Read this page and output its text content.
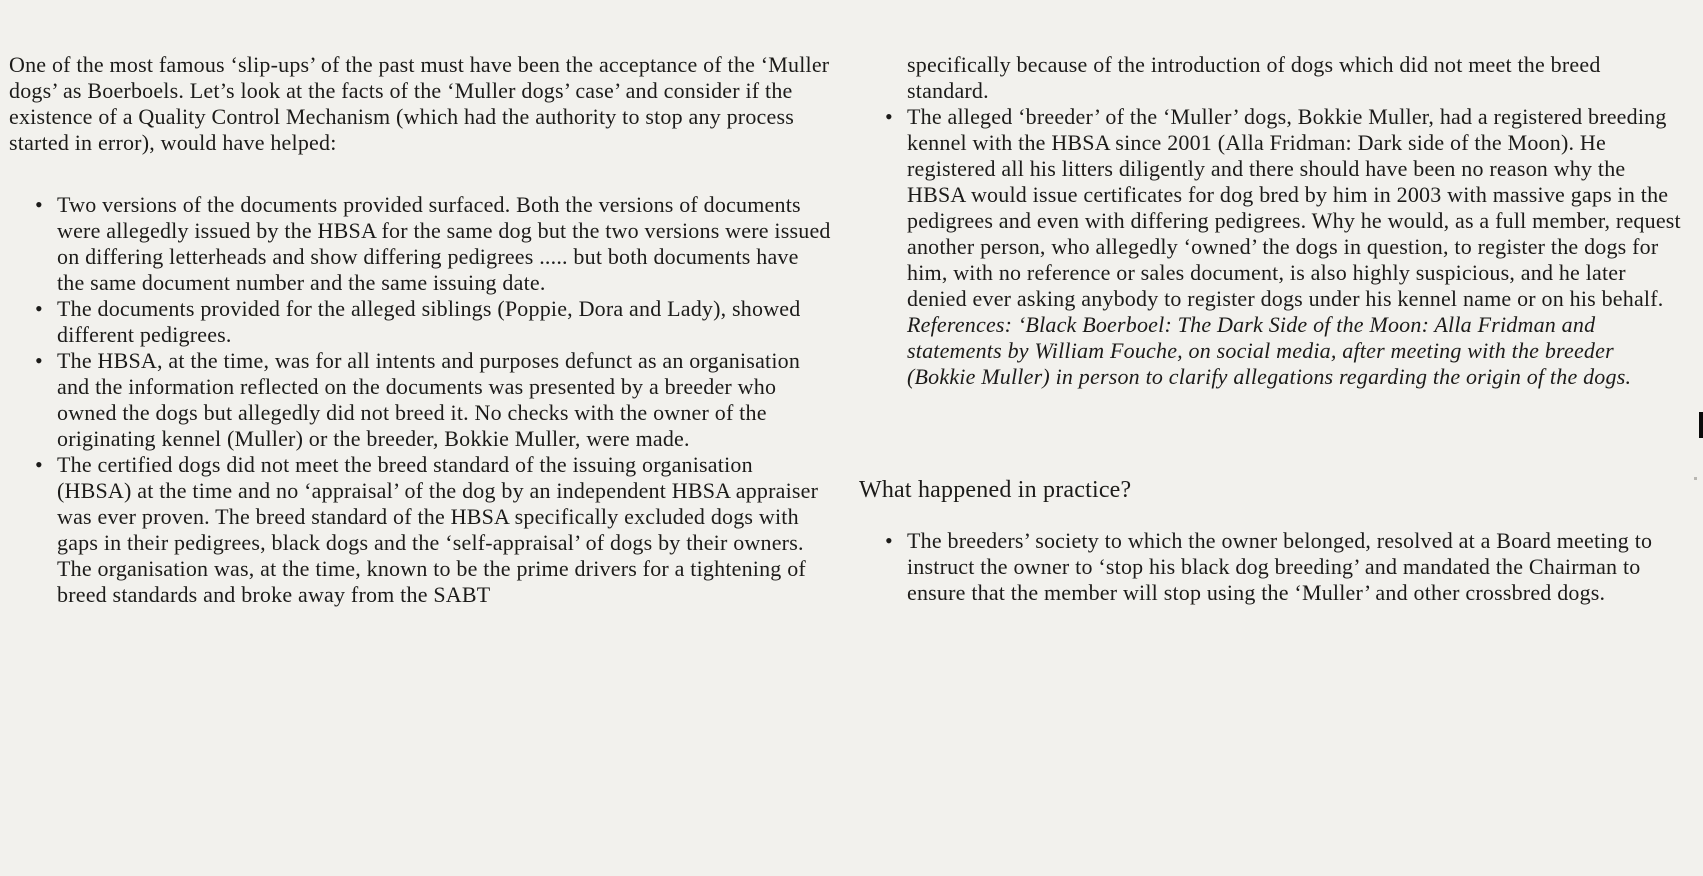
One of the most famous ‘slip-ups’ of the past must have been the acceptance of the ‘Muller dogs’ as Boerboels. Let’s look at the facts of the ‘Muller dogs’ case’ and consider if the existence of a Quality Control Mechanism (which had the authority to stop any process started in error), would have helped:

• Two versions of the documents provided surfaced. Both the versions of documents were allegedly issued by the HBSA for the same dog but the two versions were issued on differing letterheads and show differing pedigrees ..... but both documents have the same document number and the same issuing date.
• The documents provided for the alleged siblings (Poppie, Dora and Lady), showed different pedigrees.
• The HBSA, at the time, was for all intents and purposes defunct as an organisation and the information reflected on the documents was presented by a breeder who owned the dogs but allegedly did not breed it. No checks with the owner of the originating kennel (Muller) or the breeder, Bokkie Muller, were made.
• The certified dogs did not meet the breed standard of the issuing organisation (HBSA) at the time and no ‘appraisal’ of the dog by an independent HBSA appraiser was ever proven. The breed standard of the HBSA specifically excluded dogs with gaps in their pedigrees, black dogs and the ‘self-appraisal’ of dogs by their owners. The organisation was, at the time, known to be the prime drivers for a tightening of breed standards and broke away from the SABT
specifically because of the introduction of dogs which did not meet the breed standard.
• The alleged ‘breeder’ of the ‘Muller’ dogs, Bokkie Muller, had a registered breeding kennel with the HBSA since 2001 (Alla Fridman: Dark side of the Moon). He registered all his litters diligently and there should have been no reason why the HBSA would issue certificates for dog bred by him in 2003 with massive gaps in the pedigrees and even with differing pedigrees. Why he would, as a full member, request another person, who allegedly ‘owned’ the dogs in question, to register the dogs for him, with no reference or sales document, is also highly suspicious, and he later denied ever asking anybody to register dogs under his kennel name or on his behalf.
References: ‘Black Boerboel: The Dark Side of the Moon: Alla Fridman and statements by William Fouche, on social media, after meeting with the breeder (Bokkie Muller) in person to clarify allegations regarding the origin of the dogs.
What happened in practice?
• The breeders’ society to which the owner belonged, resolved at a Board meeting to instruct the owner to ‘stop his black dog breeding’ and mandated the Chairman to ensure that the member will stop using the ‘Muller’ and other crossbred dogs.
